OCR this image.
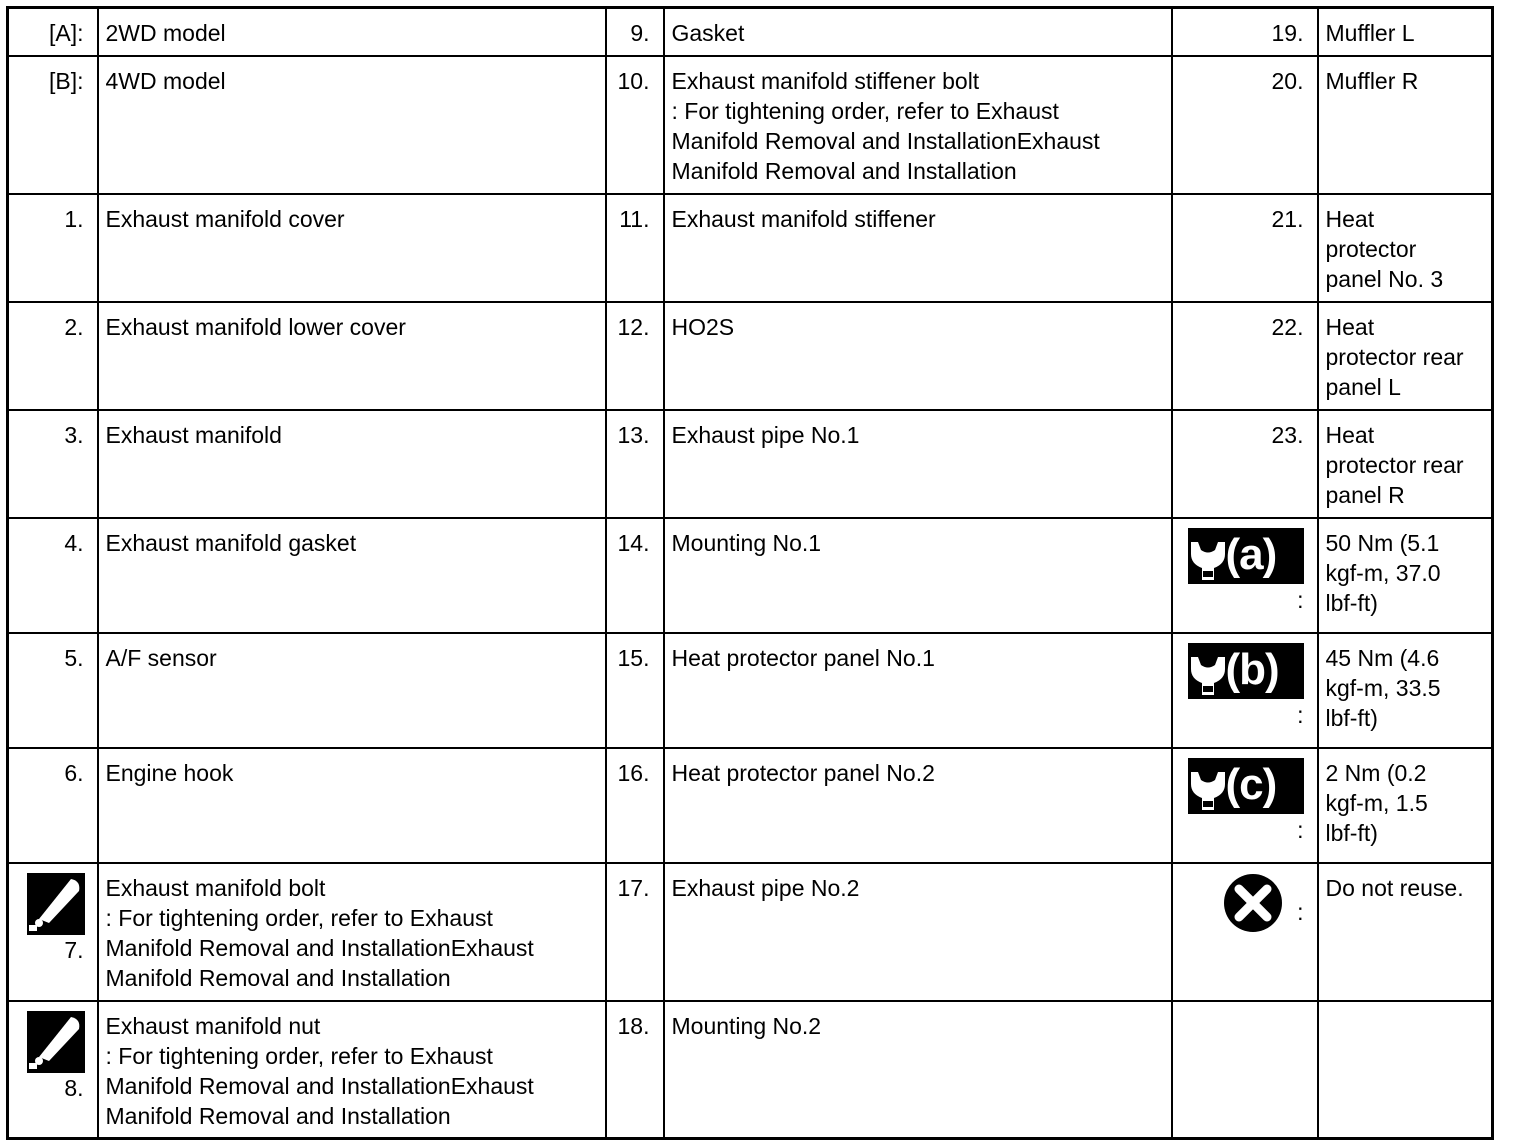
[A]:	2WD model	9.	Gasket	19.	Muffler L

[B]:	4WD model	10.	Exhaust manifold stiffener bolt
: For tightening order, refer to Exhaust
Manifold Removal and InstallationExhaust
Manifold Removal and Installation	20.	Muffler R

1.	Exhaust manifold cover	11.	Exhaust manifold stiffener	21.	Heat
protector
panel No. 3

2.	Exhaust manifold lower cover	12.	HO2S	22.	Heat
protector rear
panel L

3.	Exhaust manifold	13.	Exhaust pipe No.1	23.	Heat
protector rear
panel R

4.	Exhaust manifold gasket	14.	Mounting No.1	(a)
:	50 Nm (5.1
kgf-m, 37.0
lbf-ft)

5.	A/F sensor	15.	Heat protector panel No.1	(b)
:	45 Nm (4.6
kgf-m, 33.5
lbf-ft)

6.	Engine hook	16.	Heat protector panel No.2	(c)
:	2 Nm (0.2
kgf-m, 1.5
lbf-ft)

7.	Exhaust manifold bolt
: For tightening order, refer to Exhaust
Manifold Removal and InstallationExhaust
Manifold Removal and Installation	17.	Exhaust pipe No.2	:	Do not reuse.

8.	Exhaust manifold nut
: For tightening order, refer to Exhaust
Manifold Removal and InstallationExhaust
Manifold Removal and Installation	18.	Mounting No.2		
